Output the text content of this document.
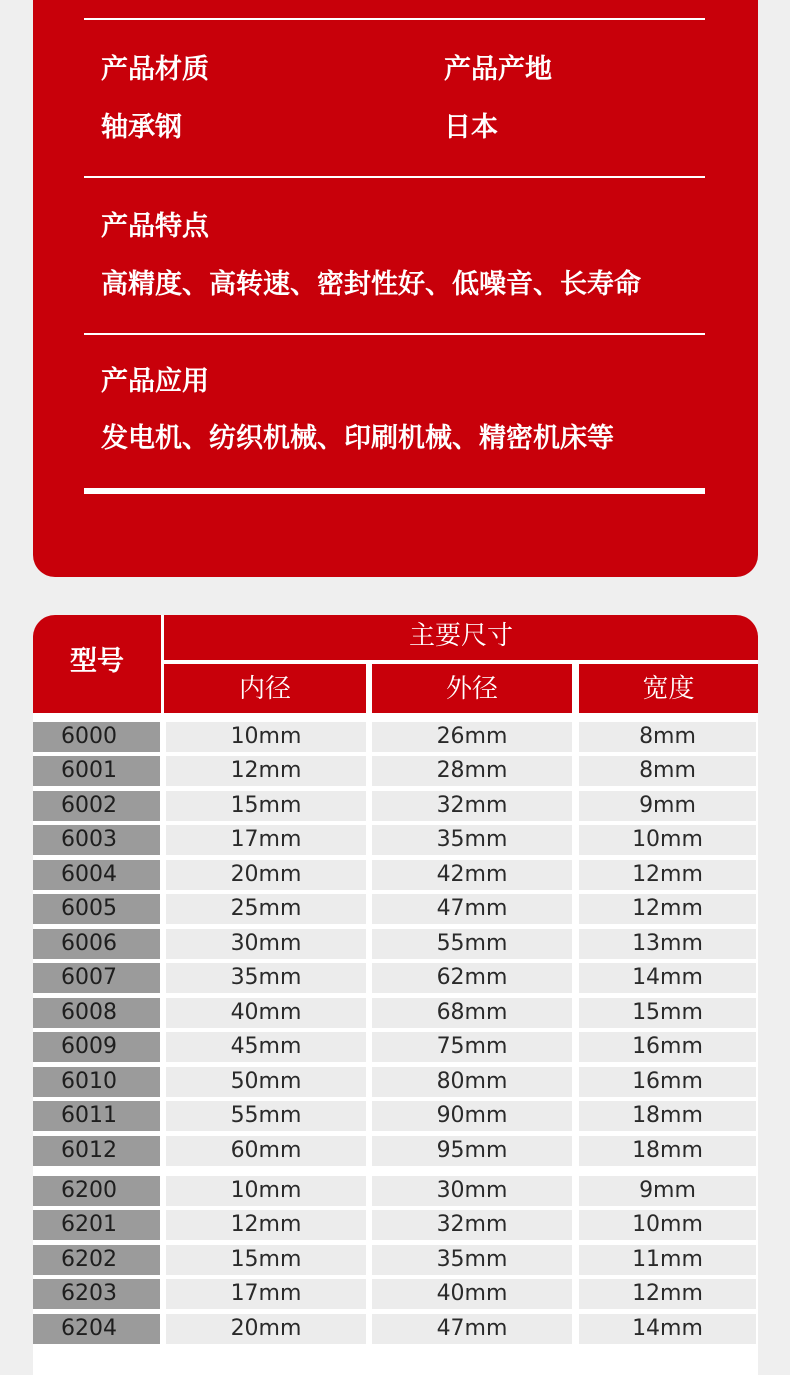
产品材质	产品产地
轴承钢	日本
产品特点
高精度、高转速、密封性好、低噪音、长寿命
产品应用
发电机、纺织机械、印刷机械、精密机床等
型号
主要尺寸
内径	外径	宽度
6000	10mm	26mm	8mm
6001	12mm	28mm	8mm
6002	15mm	32mm	9mm
6003	17mm	35mm	10mm
6004	20mm	42mm	12mm
6005	25mm	47mm	12mm
6006	30mm	55mm	13mm
6007	35mm	62mm	14mm
6008	40mm	68mm	15mm
6009	45mm	75mm	16mm
6010	50mm	80mm	16mm
6011	55mm	90mm	18mm
6012	60mm	95mm	18mm
6200	10mm	30mm	9mm
6201	12mm	32mm	10mm
6202	15mm	35mm	11mm
6203	17mm	40mm	12mm
6204	20mm	47mm	14mm
